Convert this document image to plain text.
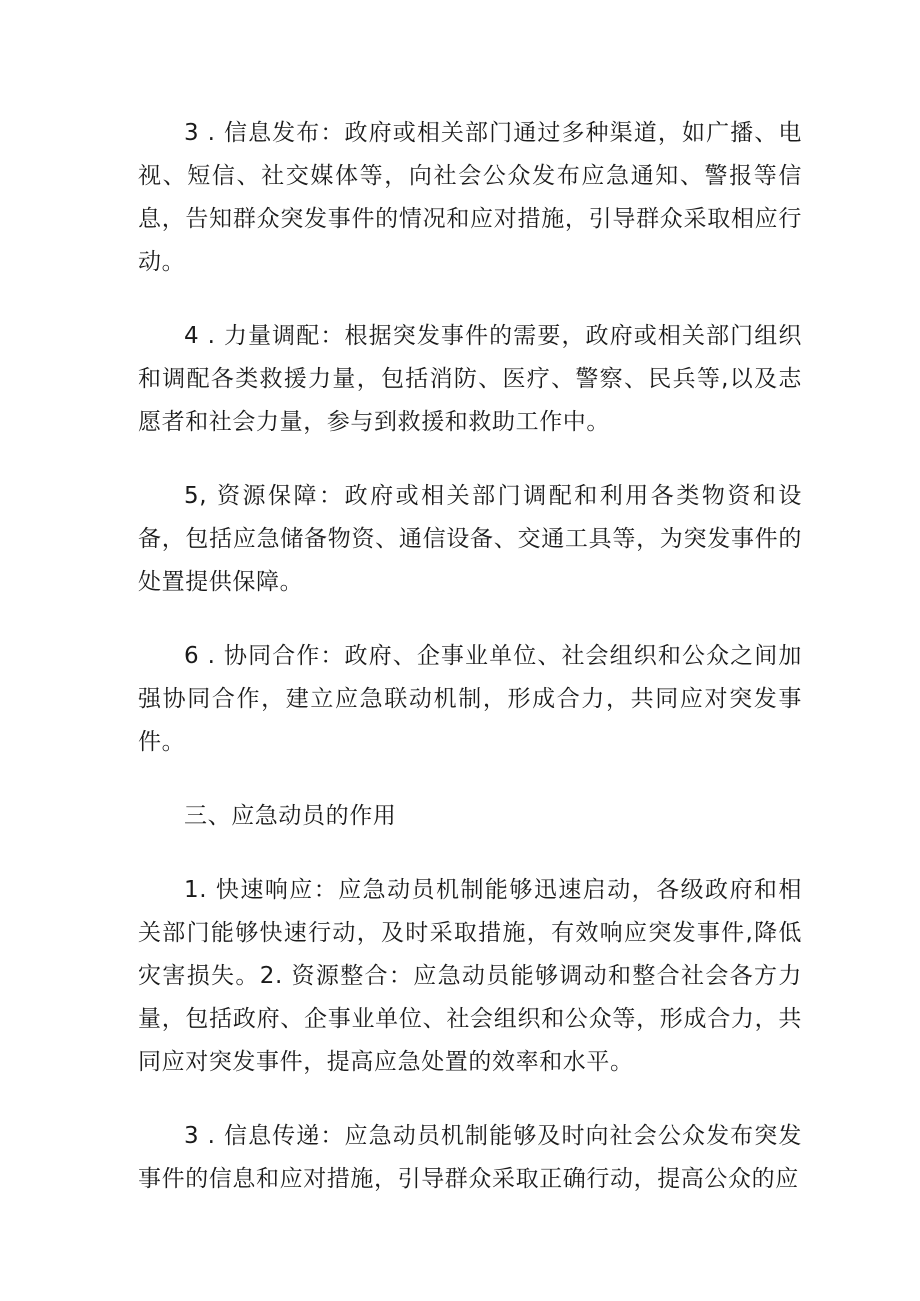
3 . 信息发布：政府或相关部门通过多种渠道，如广播、电视、短信、社交媒体等，向社会公众发布应急通知、警报等信息，告知群众突发事件的情况和应对措施，引导群众采取相应行动。

4 . 力量调配：根据突发事件的需要，政府或相关部门组织和调配各类救援力量，包括消防、医疗、警察、民兵等,以及志愿者和社会力量，参与到救援和救助工作中。

5, 资源保障：政府或相关部门调配和利用各类物资和设备，包括应急储备物资、通信设备、交通工具等，为突发事件的处置提供保障。

6 . 协同合作：政府、企事业单位、社会组织和公众之间加强协同合作，建立应急联动机制，形成合力，共同应对突发事件。

三、应急动员的作用

1. 快速响应：应急动员机制能够迅速启动，各级政府和相关部门能够快速行动，及时采取措施，有效响应突发事件,降低灾害损失。2. 资源整合：应急动员能够调动和整合社会各方力量，包括政府、企事业单位、社会组织和公众等，形成合力，共同应对突发事件，提高应急处置的效率和水平。

3 . 信息传递：应急动员机制能够及时向社会公众发布突发事件的信息和应对措施，引导群众采取正确行动，提高公众的应
